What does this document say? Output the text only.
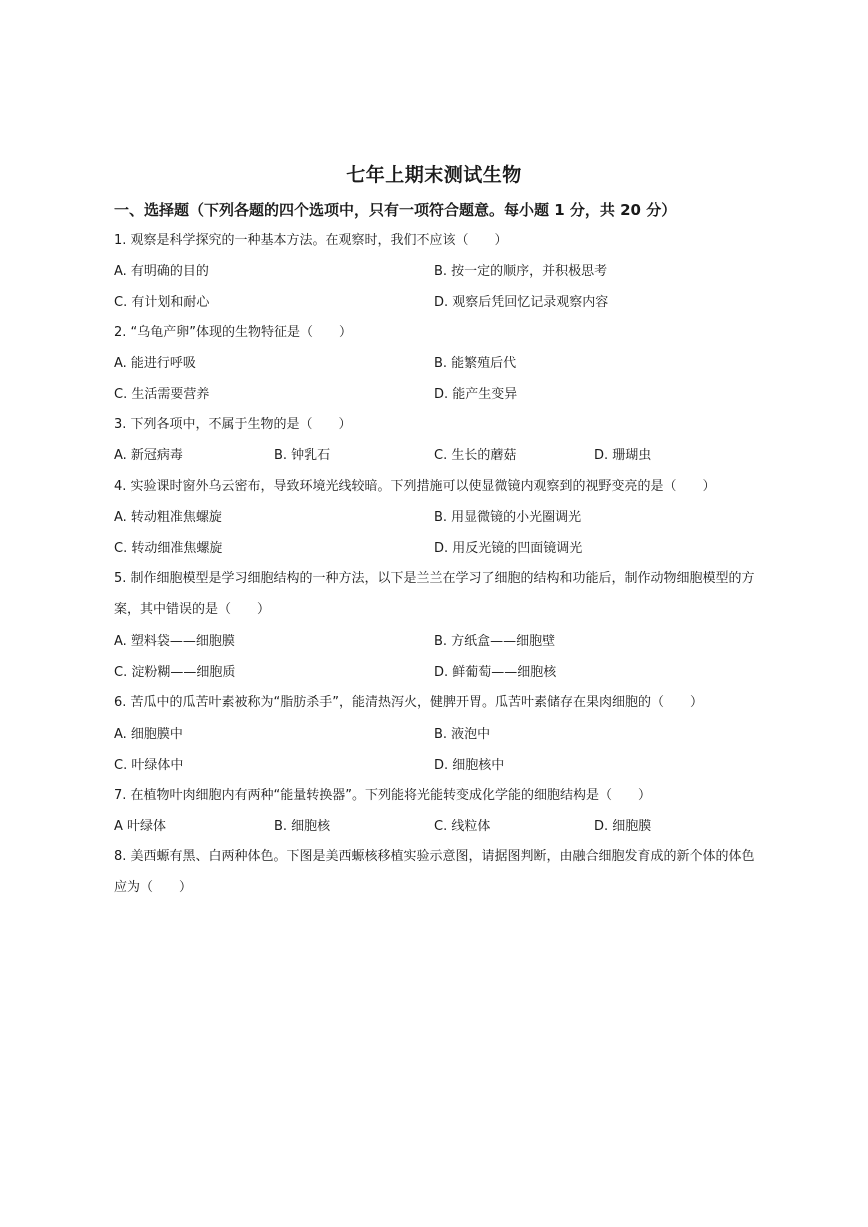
七年上期末测试生物
一、选择题（下列各题的四个选项中，只有一项符合题意。每小题 1 分，共 20 分）
1. 观察是科学探究的一种基本方法。在观察时，我们不应该（　　）
A. 有明确的目的	B. 按一定的顺序，并积极思考
C. 有计划和耐心	D. 观察后凭回忆记录观察内容
2. “乌龟产卵”体现的生物特征是（　　）
A. 能进行呼吸	B. 能繁殖后代
C. 生活需要营养	D. 能产生变异
3. 下列各项中，不属于生物的是（　　）
A. 新冠病毒	B. 钟乳石	C. 生长的蘑菇	D. 珊瑚虫
4. 实验课时窗外乌云密布，导致环境光线较暗。下列措施可以使显微镜内观察到的视野变亮的是（　　）
A. 转动粗准焦螺旋	B. 用显微镜的小光圈调光
C. 转动细准焦螺旋	D. 用反光镜的凹面镜调光
5. 制作细胞模型是学习细胞结构的一种方法，以下是兰兰在学习了细胞的结构和功能后，制作动物细胞模型的方案，其中错误的是（　　）
A. 塑料袋——细胞膜	B. 方纸盒——细胞壁
C. 淀粉糊——细胞质	D. 鲜葡萄——细胞核
6. 苦瓜中的瓜苦叶素被称为“脂肪杀手”，能清热泻火，健脾开胃。瓜苦叶素储存在果肉细胞的（　　）
A. 细胞膜中	B. 液泡中
C. 叶绿体中	D. 细胞核中
7. 在植物叶肉细胞内有两种“能量转换器”。下列能将光能转变成化学能的细胞结构是（　　）
A 叶绿体	B. 细胞核	C. 线粒体	D. 细胞膜
8. 美西螈有黑、白两种体色。下图是美西螈核移植实验示意图，请据图判断，由融合细胞发育成的新个体的体色应为（　　）
